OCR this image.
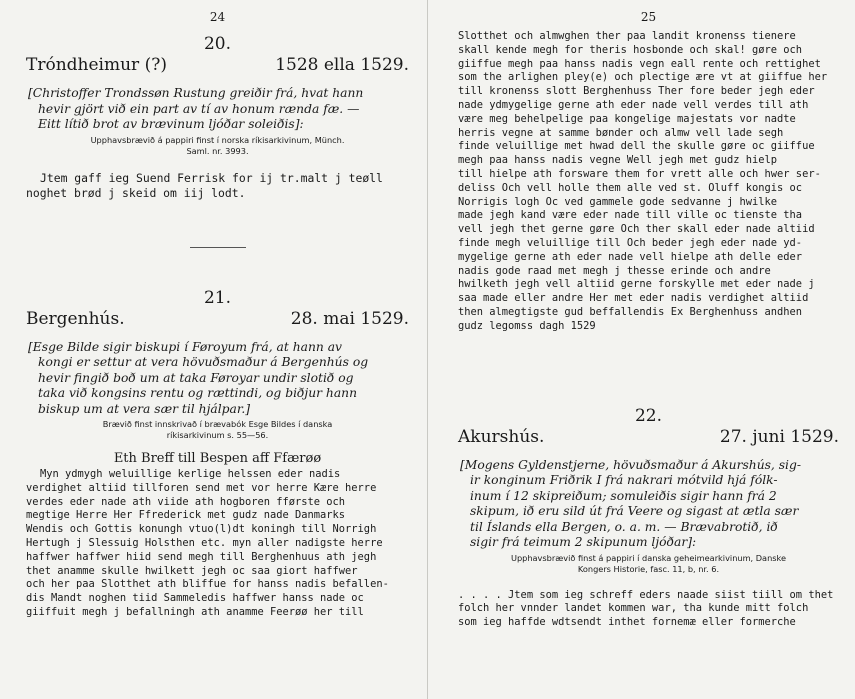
24
20.
Tróndheimur (?)	1528 ella 1529.
[Christoffer Trondssøn Rustung greiðir frá, hvat hann
hevir gjört við ein part av tí av honum rænda fæ. —
Eitt lítið brot av brævinum ljóðar soleiðis]:
Upphavsbrævið á pappiri finst í norska ríkisarkivinum, Münch.
Saml. nr. 3993.
Jtem gaff ieg Suend Ferrisk for ij tr.malt j teøll
noghet brød j skeid om iij lodt.
21.
Bergenhús.	28. mai 1529.
[Esge Bilde sigir biskupi í Føroyum frá, at hann av
kongi er settur at vera hövuðsmaður á Bergenhús og
hevir fingið boð um at taka Føroyar undir slotið og
taka við kongsins rentu og rættindi, og biðjur hann
biskup um at vera sær til hjálpar.]
Brævið finst innskrivað í brævabók Esge Bildes í danska
ríkisarkivinum s. 55—56.
Eth Breff till Bespen aff Ffærøø
Myn ydmygh weluillige kerlige helssen eder nadis
verdighet altiid tillforen send met vor herre Kære herre
verdes eder nade ath viide ath hogboren fførste och
megtige Herre Her Ffrederick met gudz nade Danmarks
Wendis och Gottis konungh vtuo(l)dt koningh till Norrigh
Hertugh j Slessuig Holsthen etc. myn aller nadigste herre
haffwer haffwer hiid send megh till Berghenhuus ath jegh
thet anamme skulle hwilkett jegh oc saa giort haffwer
och her paa Slotthet ath bliffue for hanss nadis befallen-
dis Mandt noghen tiid Sammeledis haffwer hanss nade oc
giiffuit megh j befallningh ath anamme Feerøø her till
25
Slotthet och almwghen ther paa landit kronenss tienere
skall kende megh for theris hosbonde och skal! gøre och
giiffue megh paa hanss nadis vegn eall rente och rettighet
som the arlighen pley(e) och plectige ære vt at giiffue her
till kronenss slott Berghenhuss Ther fore beder jegh eder
nade ydmygelige gerne ath eder nade vell verdes till ath
være meg behelpelige paa kongelige majestats vor nadte
herris vegne at samme bønder och almw vell lade segh
finde veluillige met hwad dell the skulle gøre oc giiffue
megh paa hanss nadis vegne Well jegh met gudz hielp
till hielpe ath forsware them for vrett alle och hwer ser-
deliss Och vell holle them alle ved st. Oluff kongis oc
Norrigis logh Oc ved gammele gode sedvanne j hwilke
made jegh kand være eder nade till ville oc tienste tha
vell jegh thet gerne gøre Och ther skall eder nade altiid
finde megh veluillige till Och beder jegh eder nade yd-
mygelige gerne ath eder nade vell hielpe ath delle eder
nadis gode raad met megh j thesse erinde och andre
hwilketh jegh vell altiid gerne forskylle met eder nade j
saa made eller andre Her met eder nadis verdighet altiid
then almegtigste gud beffallendis Ex Berghenhuss andhen
gudz legomss dagh 1529
22.
Akurshús.	27. juni 1529.
[Mogens Gyldenstjerne, hövuðsmaður á Akurshús, sig-
ir konginum Friðrik I frá nakrari mótvild hjá fólk-
inum í 12 skipreiðum; somuleiðis sigir hann frá 2
skipum, ið eru sild út frá Veere og sigast at ætla sær
til Íslands ella Bergen, o. a. m. — Brævabrotið, ið
sigir frá teimum 2 skipunum ljóðar]:
Upphavsbrævið finst á pappiri í danska geheimearkivinum, Danske
Kongers Historie, fasc. 11, b, nr. 6.
. . . . Jtem som ieg schreff eders naade siist tiill om thet
folch her vnnder landet kommen war, tha kunde mitt folch
som ieg haffde wdtsendt inthet fornemæ eller formerche
